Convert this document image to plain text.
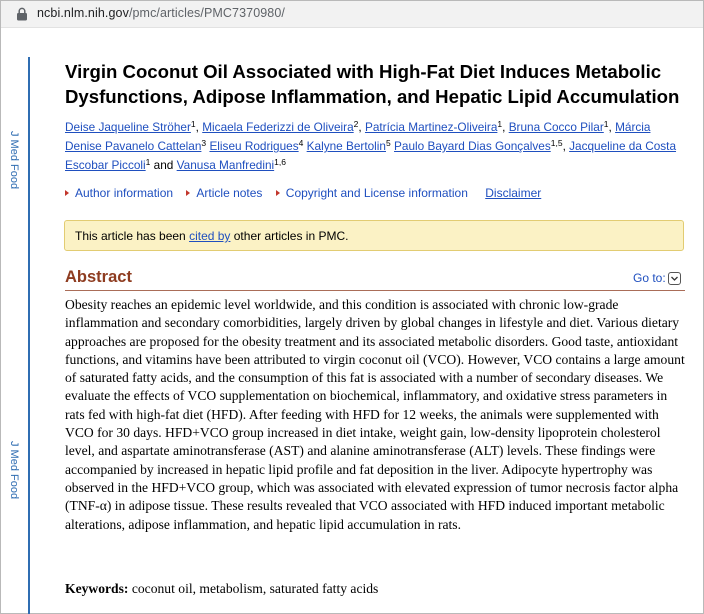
ncbi.nlm.nih.gov/pmc/articles/PMC7370980/
J Med Food
J Med Food
Virgin Coconut Oil Associated with High-Fat Diet Induces Metabolic Dysfunctions, Adipose Inflammation, and Hepatic Lipid Accumulation
Deise Jaqueline Ströher$^1$, Micaela Federizzi de Oliveira$^2$, Patrícia Martinez-Oliveira$^1$, Bruna Cocco Pilar$^1$, Márcia Denise Pavanelo Cattelan$^3$ Eliseu Rodrigues$^4$ Kalyne Bertolin$^5$ Paulo Bayard Dias Gonçalves$^{1,5}$, Jacqueline da Costa Escobar Piccoli$^1$ and Vanusa Manfredini$^{1,6}$
Author information Article notes Copyright and License information Disclaimer
This article has been cited by other articles in PMC.
Abstract	Go to:

Obesity reaches an epidemic level worldwide, and this condition is associated with chronic low-grade inflammation and secondary comorbidities, largely driven by global changes in lifestyle and diet. Various dietary approaches are proposed for the obesity treatment and its associated metabolic disorders. Good taste, antioxidant functions, and vitamins have been attributed to virgin coconut oil (VCO). However, VCO contains a large amount of saturated fatty acids, and the consumption of this fat is associated with a number of secondary diseases. We evaluate the effects of VCO supplementation on biochemical, inflammatory, and oxidative stress parameters in rats fed with high-fat diet (HFD). After feeding with HFD for 12 weeks, the animals were supplemented with VCO for 30 days. HFD+VCO group increased in diet intake, weight gain, low-density lipoprotein cholesterol level, and aspartate aminotransferase (AST) and alanine aminotransferase (ALT) levels. These findings were accompanied by increased in hepatic lipid profile and fat deposition in the liver. Adipocyte hypertrophy was observed in the HFD+VCO group, which was associated with elevated expression of tumor necrosis factor alpha (TNF-α) in adipose tissue. These results revealed that VCO associated with HFD induced important metabolic alterations, adipose inflammation, and hepatic lipid accumulation in rats.

Keywords: coconut oil, metabolism, saturated fatty acids
